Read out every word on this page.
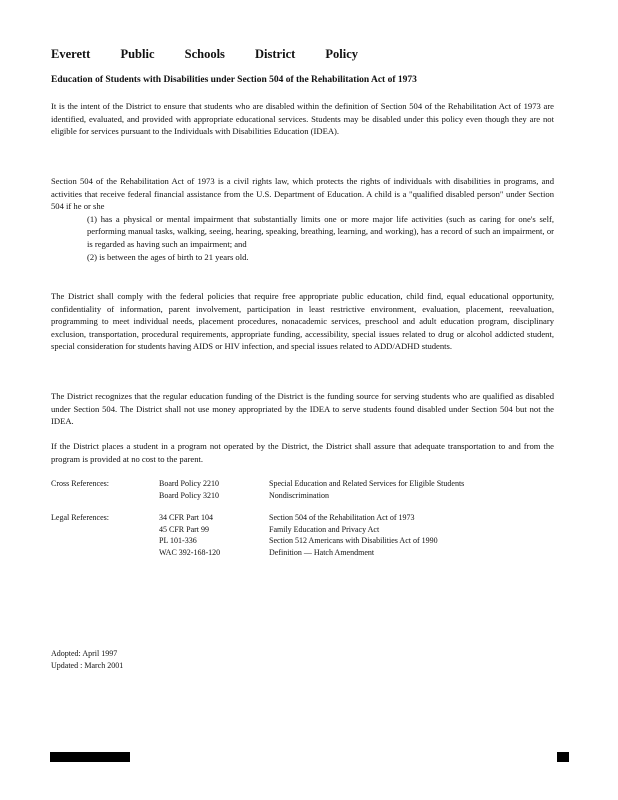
Everett Public Schools District Policy
Education of Students with Disabilities under Section 504 of the Rehabilitation Act of 1973

It is the intent of the District to ensure that students who are disabled within the definition of Section 504 of the Rehabilitation Act of 1973 are identified, evaluated, and provided with appropriate educational services. Students may be disabled under this policy even though they are not eligible for services pursuant to the Individuals with Disabilities Education (IDEA).

Section 504 of the Rehabilitation Act of 1973 is a civil rights law, which protects the rights of individuals with disabilities in programs, and activities that receive federal financial assistance from the U.S. Department of Education. A child is a "qualified disabled person" under Section 504 if he or she

(1) has a physical or mental impairment that substantially limits one or more major life activities (such as caring for one's self, performing manual tasks, walking, seeing, hearing, speaking, breathing, learning, and working), has a record of such an impairment, or is regarded as having such an impairment; and

(2) is between the ages of birth to 21 years old.

The District shall comply with the federal policies that require free appropriate public education, child find, equal educational opportunity, confidentiality of information, parent involvement, participation in least restrictive environment, evaluation, placement, reevaluation, programming to meet individual needs, placement procedures, nonacademic services, preschool and adult education program, disciplinary exclusion, transportation, procedural requirements, appropriate funding, accessibility, special issues related to drug or alcohol addicted student, special consideration for students having AIDS or HIV infection, and special issues related to ADD/ADHD students.

The District recognizes that the regular education funding of the District is the funding source for serving students who are qualified as disabled under Section 504. The District shall not use money appropriated by the IDEA to serve students found disabled under Section 504 but not the IDEA.

If the District places a student in a program not operated by the District, the District shall assure that adequate transportation to and from the program is provided at no cost to the parent.

Cross References:	Board Policy 2210
Board Policy 3210
Special Education and Related Services for Eligible Students
Nondiscrimination
Legal References:	34 CFR Part 104
45 CFR Part 99
PL 101-336
WAC 392-168-120
Section 504 of the Rehabilitation Act of 1973
Family Education and Privacy Act
Section 512 Americans with Disabilities Act of 1990
Definition — Hatch Amendment
Adopted: April 1997
Updated : March 2001
